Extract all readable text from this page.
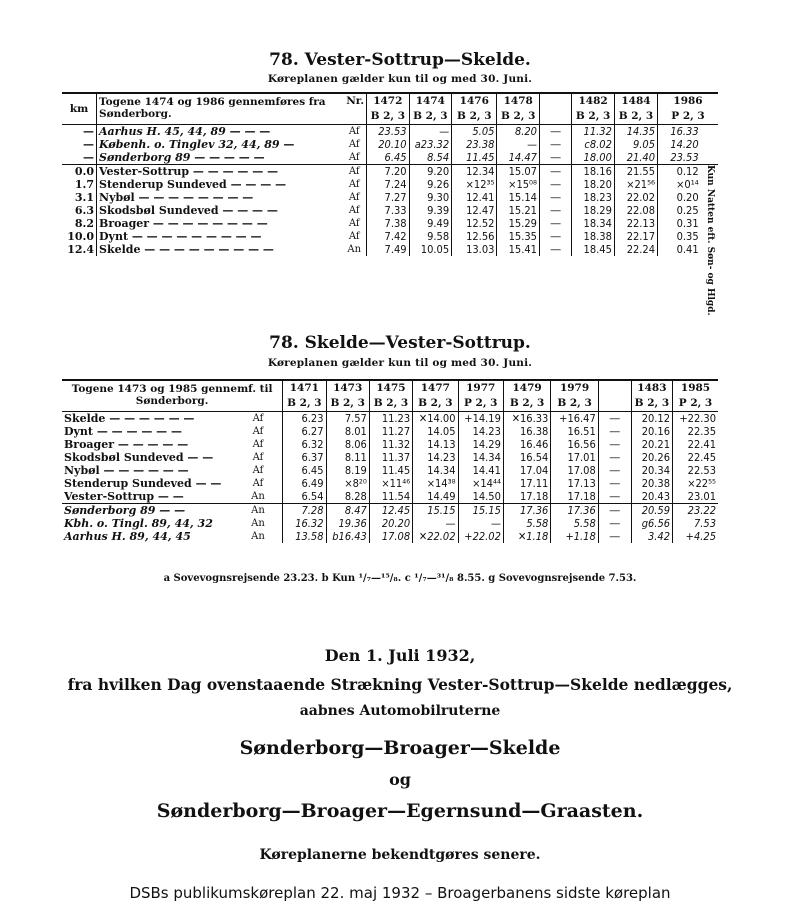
78. Vester-Sottrup—Skelde.
Køreplanen gælder kun til og med 30. Juni.
km	Togene 1474 og 1986 gennemføres fra Sønderborg.	Nr.	1472	1474	1476	1478		1482	1484	1986	
			B 2, 3	B 2, 3	B 2, 3	B 2, 3		B 2, 3	B 2, 3	P 2, 3	
—	Aarhus H. 45, 44, 89 — — —	Af	23.53	—	5.05	8.20	—	11.32	14.35	16.33	
—	Københ. o. Tinglev 32, 44, 89 —	Af	20.10	a23.32	23.38	—	—	c8.02	9.05	14.20	
—	Sønderborg 89 — — — — —	Af	6.45	8.54	11.45	14.47	—	18.00	21.40	23.53	
0.0	Vester-Sottrup — — — — — —	Af	7.20	9.20	12.34	15.07	—	18.16	21.55	0.12	Kun Natten eft. Søn- og Hlgd.
1.7	Stenderup Sundeved — — — —	Af	7.24	9.26	×12³⁵	×15⁰⁸	—	18.20	×21⁵⁶	×0¹⁴	
3.1	Nybøl — — — — — — — —	Af	7.27	9.30	12.41	15.14	—	18.23	22.02	0.20	
6.3	Skodsbøl Sundeved — — — —	Af	7.33	9.39	12.47	15.21	—	18.29	22.08	0.25	
8.2	Broager — — — — — — — —	Af	7.38	9.49	12.52	15.29	—	18.34	22.13	0.31	
10.0	Dynt — — — — — — — — —	Af	7.42	9.58	12.56	15.35	—	18.38	22.17	0.35	
12.4	Skelde — — — — — — — — —	An	7.49	10.05	13.03	15.41	—	18.45	22.24	0.41	
78. Skelde—Vester-Sottrup.
Køreplanen gælder kun til og med 30. Juni.
Togene 1473 og 1985 gennemf. til Sønderborg.			1471	1473	1475	1477	1977	1479	1979		1483	1985
			B 2, 3	B 2, 3	B 2, 3	B 2, 3	P 2, 3	B 2, 3	B 2, 3		B 2, 3	P 2, 3
Skelde — — — — — —	Af		6.23	7.57	11.23	✕14.00	+14.19	✕16.33	+16.47	—	20.12	+22.30
Dynt — — — — — —	Af		6.27	8.01	11.27	14.05	14.23	16.38	16.51	—	20.16	22.35
Broager — — — — —	Af		6.32	8.06	11.32	14.13	14.29	16.46	16.56	—	20.21	22.41
Skodsbøl Sundeved — —	Af		6.37	8.11	11.37	14.23	14.34	16.54	17.01	—	20.26	22.45
Nybøl — — — — — —	Af		6.45	8.19	11.45	14.34	14.41	17.04	17.08	—	20.34	22.53
Stenderup Sundeved — —	Af		6.49	×8²⁰	×11⁴⁶	×14³⁸	×14⁴⁴	17.11	17.13	—	20.38	×22⁵⁵
Vester-Sottrup — —	An		6.54	8.28	11.54	14.49	14.50	17.18	17.18	—	20.43	23.01
Sønderborg 89 — —	An		7.28	8.47	12.45	15.15	15.15	17.36	17.36	—	20.59	23.22
Kbh. o. Tingl. 89, 44, 32	An		16.32	19.36	20.20	—	—	5.58	5.58	—	g6.56	7.53
Aarhus H. 89, 44, 45	An		13.58	b16.43	17.08	✕22.02	+22.02	✕1.18	+1.18	—	3.42	+4.25
a Sovevognsrejsende 23.23. b Kun ¹/₇—¹⁵/₈. c ¹/₇—³¹/₈ 8.55. g Sovevognsrejsende 7.53.
Den 1. Juli 1932,
fra hvilken Dag ovenstaaende Strækning Vester-Sottrup—Skelde nedlægges,
aabnes Automobilruterne
Sønderborg—Broager—Skelde
og
Sønderborg—Broager—Egernsund—Graasten.
Køreplanerne bekendtgøres senere.
DSBs publikumskøreplan 22. maj 1932 – Broagerbanens sidste køreplan
